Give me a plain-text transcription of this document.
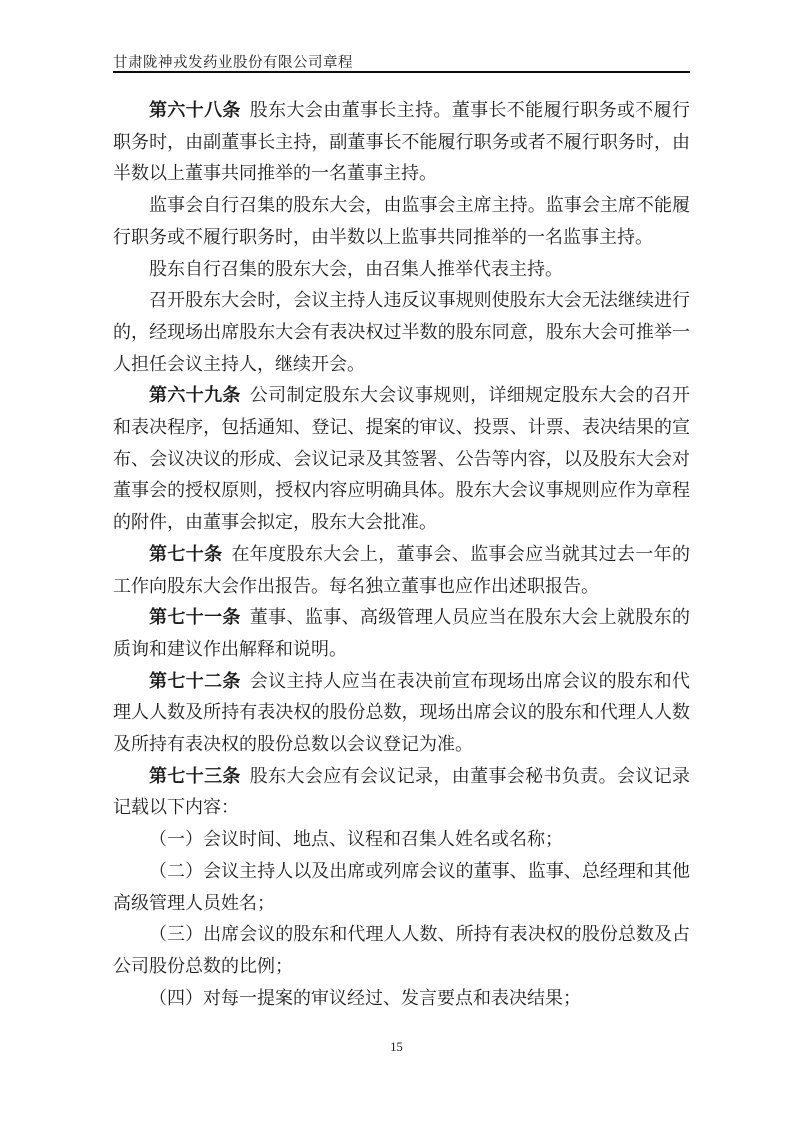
甘肃陇神戎发药业股份有限公司章程

第六十八条 股东大会由董事长主持。董事长不能履行职务或不履行职务时，由副董事长主持，副董事长不能履行职务或者不履行职务时，由半数以上董事共同推举的一名董事主持。

监事会自行召集的股东大会，由监事会主席主持。监事会主席不能履行职务或不履行职务时，由半数以上监事共同推举的一名监事主持。

股东自行召集的股东大会，由召集人推举代表主持。

召开股东大会时，会议主持人违反议事规则使股东大会无法继续进行的，经现场出席股东大会有表决权过半数的股东同意，股东大会可推举一人担任会议主持人，继续开会。

第六十九条 公司制定股东大会议事规则，详细规定股东大会的召开和表决程序，包括通知、登记、提案的审议、投票、计票、表决结果的宣布、会议决议的形成、会议记录及其签署、公告等内容，以及股东大会对董事会的授权原则，授权内容应明确具体。股东大会议事规则应作为章程的附件，由董事会拟定，股东大会批准。

第七十条 在年度股东大会上，董事会、监事会应当就其过去一年的工作向股东大会作出报告。每名独立董事也应作出述职报告。

第七十一条 董事、监事、高级管理人员应当在股东大会上就股东的质询和建议作出解释和说明。

第七十二条 会议主持人应当在表决前宣布现场出席会议的股东和代理人人数及所持有表决权的股份总数，现场出席会议的股东和代理人人数及所持有表决权的股份总数以会议登记为准。

第七十三条 股东大会应有会议记录，由董事会秘书负责。会议记录记载以下内容：

（一）会议时间、地点、议程和召集人姓名或名称；

（二）会议主持人以及出席或列席会议的董事、监事、总经理和其他高级管理人员姓名；

（三）出席会议的股东和代理人人数、所持有表决权的股份总数及占公司股份总数的比例；

（四）对每一提案的审议经过、发言要点和表决结果；

15
